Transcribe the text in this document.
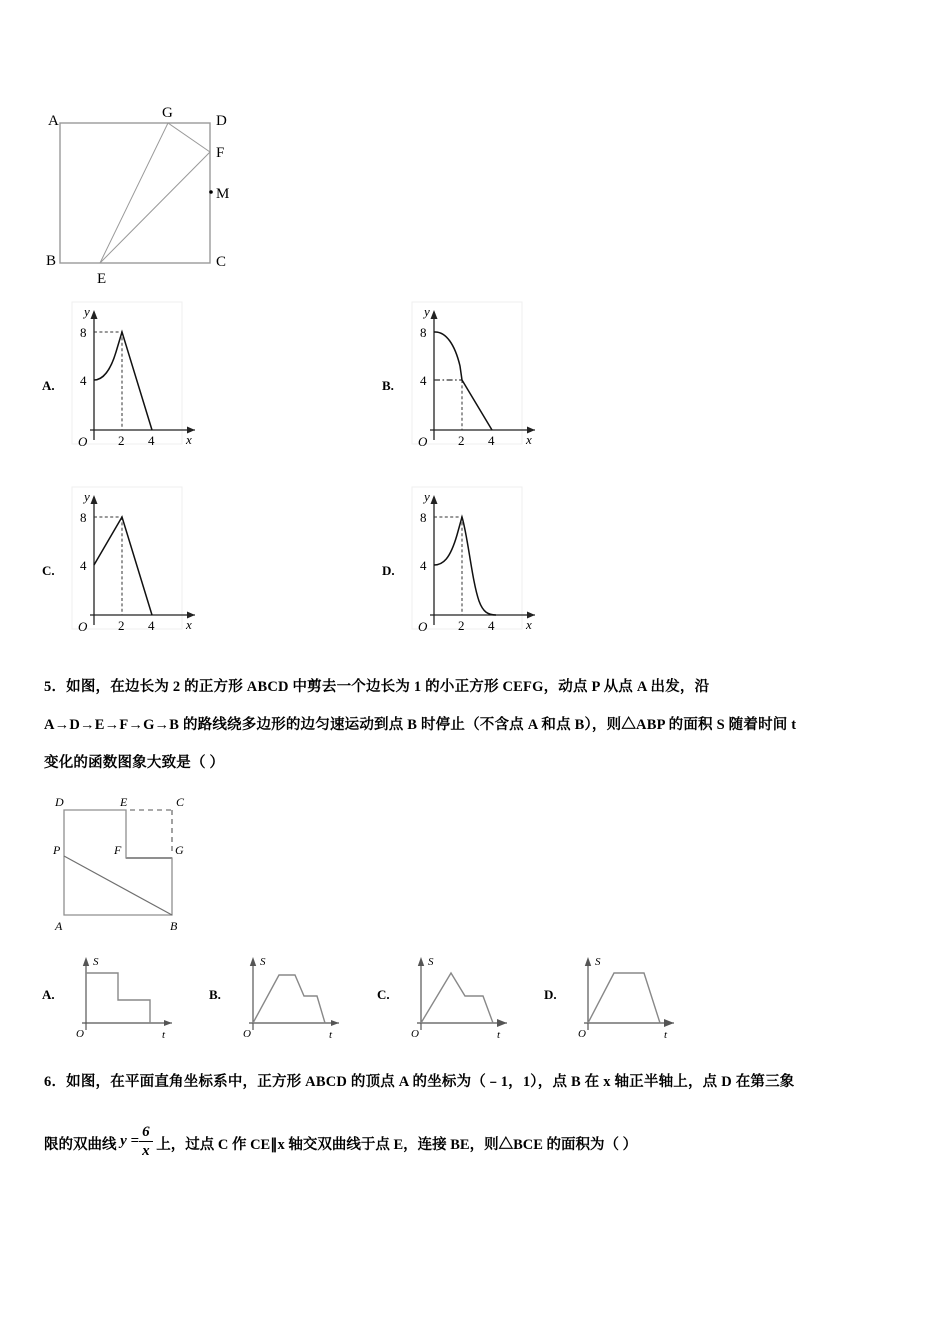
A
B	C
D
E
F
G
M
A.
8
4
2 4
O	x
y
B.
8
4
2 4
O	x
y
C.
8
4
2 4
O	x
y
D.
8
4
2 4
O	x
y
5．如图，在边长为 2 的正方形 ABCD 中剪去一个边长为 1 的小正方形 CEFG，动点 P 从点 A 出发，沿
A→D→E→F→G→B 的路线绕多边形的边匀速运动到点 B 时停止（不含点 A 和点 B），则△ABP 的面积 S 随着时间 t
变化的函数图象大致是（ ）
D	E	C
P	F	G
A	B
A.
O	t
S
B.
O	t
S
C.
O	t
S
D.
O	t
S
6．如图，在平面直角坐标系中，正方形 ABCD 的顶点 A 的坐标为（﹣1，1），点 B 在 x 轴正半轴上，点 D 在第三象
限的双曲线 $y = \frac{6}{x}$ 上，过点 C 作 CE∥x 轴交双曲线于点 E，连接 BE，则△BCE 的面积为（ ）
